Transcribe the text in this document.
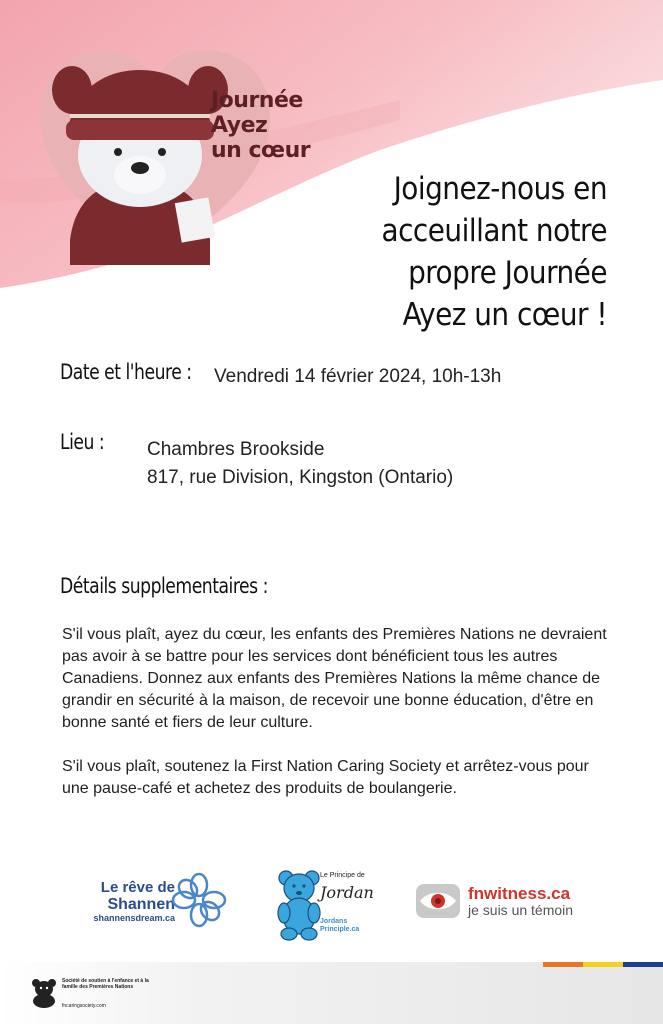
Journée
Ayez
un cœur
Joignez-nous en
acceuillant notre
propre Journée
Ayez un cœur !
Date et l'heure : Vendredi 14 février 2024, 10h-13h
Lieu : Chambres Brookside
817, rue Division, Kingston (Ontario)
Détails supplementaires :

S'il vous plaît, ayez du cœur, les enfants des Premières Nations ne devraient pas avoir à se battre pour les services dont bénéficient tous les autres Canadiens. Donnez aux enfants des Premières Nations la même chance de grandir en sécurité à la maison, de recevoir une bonne éducation, d'être en bonne santé et fiers de leur culture.

S'il vous plaît, soutenez la First Nation Caring Society et arrêtez-vous pour une pause-café et achetez des produits de boulangerie.

Le rêve de
Shannen
shannensdream.ca
Le Principe de
Jordan
Jordans Principle.ca
fnwitness.ca
je suis un témoin
Société de soutien à l'enfance et à la famille des Premières Nations
fncaringsociety.com
